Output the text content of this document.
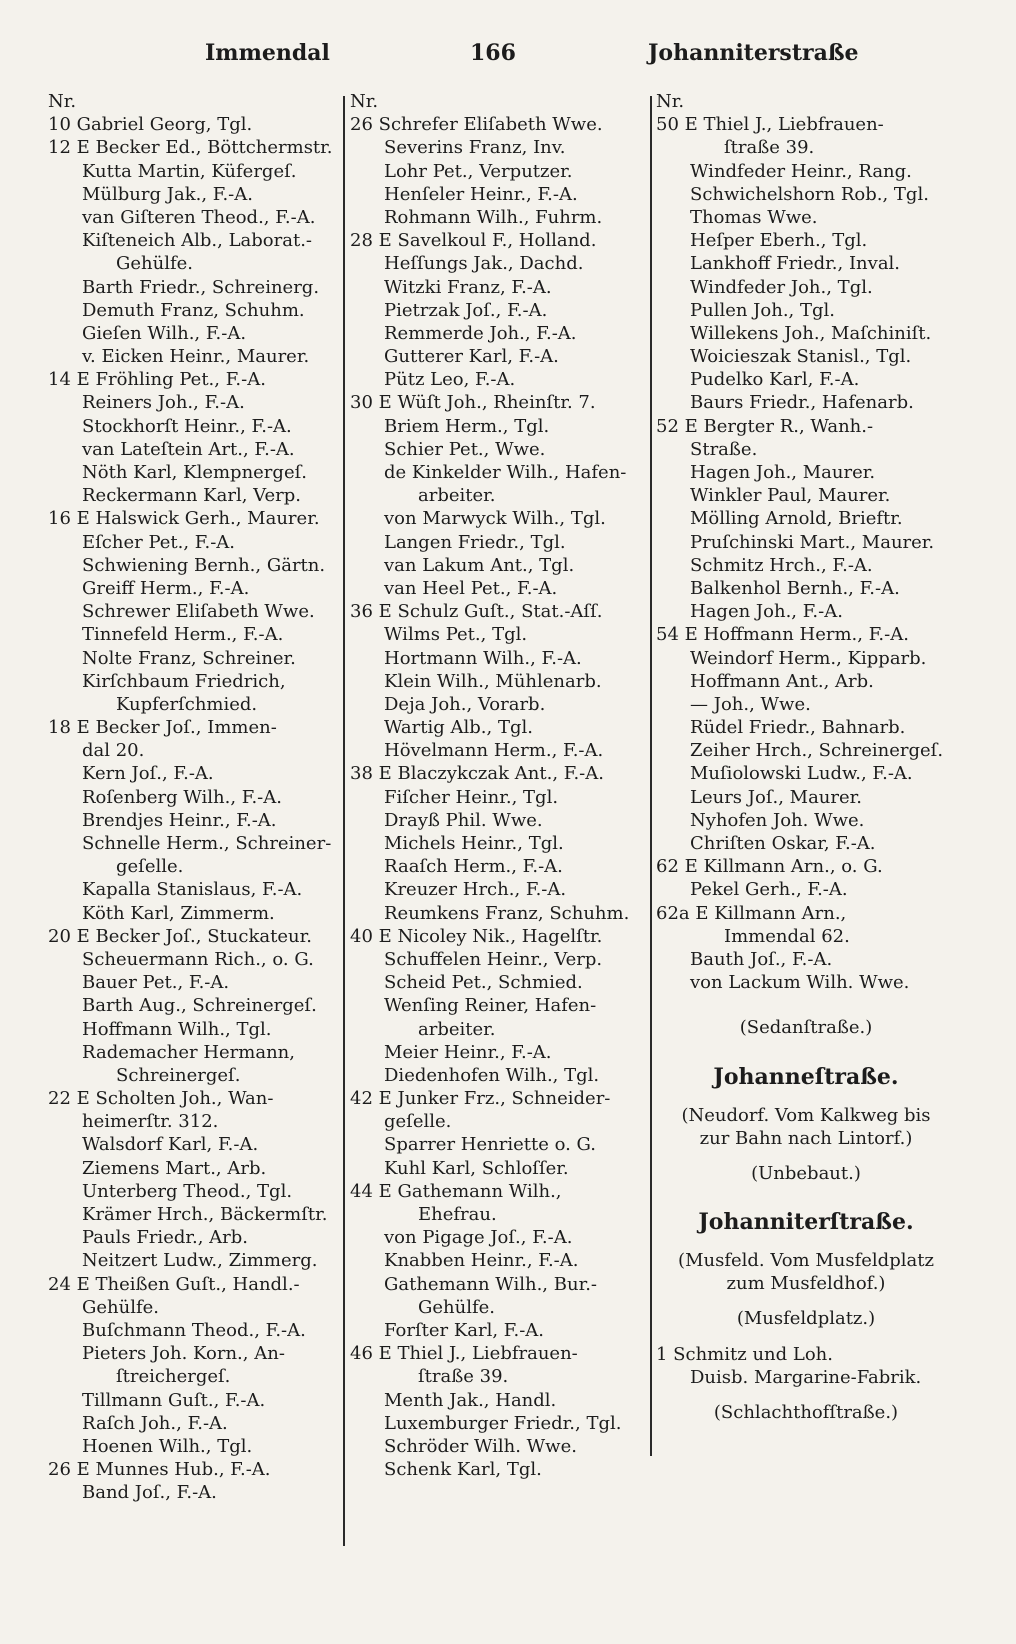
Immendal	166	Johanniterstraße
Nr.
10 Gabriel Georg, Tgl.
12 E Becker Ed., Böttchermstr.
Kutta Martin, Küfergeſ.
Mülburg Jak., F.-A.
van Giſteren Theod., F.-A.
Kiſteneich Alb., Laborat.-
Gehülfe.
Barth Friedr., Schreinerg.
Demuth Franz, Schuhm.
Gieſen Wilh., F.-A.
v. Eicken Heinr., Maurer.
14 E Fröhling Pet., F.-A.
Reiners Joh., F.-A.
Stockhorſt Heinr., F.-A.
van Lateſtein Art., F.-A.
Nöth Karl, Klempnergeſ.
Reckermann Karl, Verp.
16 E Halswick Gerh., Maurer.
Eſcher Pet., F.-A.
Schwiening Bernh., Gärtn.
Greiff Herm., F.-A.
Schrewer Eliſabeth Wwe.
Tinnefeld Herm., F.-A.
Nolte Franz, Schreiner.
Kirſchbaum Friedrich,
Kupferſchmied.
18 E Becker Joſ., Immen-
dal 20.
Kern Joſ., F.-A.
Roſenberg Wilh., F.-A.
Brendjes Heinr., F.-A.
Schnelle Herm., Schreiner-
geſelle.
Kapalla Stanislaus, F.-A.
Köth Karl, Zimmerm.
20 E Becker Joſ., Stuckateur.
Scheuermann Rich., o. G.
Bauer Pet., F.-A.
Barth Aug., Schreinergeſ.
Hoffmann Wilh., Tgl.
Rademacher Hermann,
Schreinergeſ.
22 E Scholten Joh., Wan-
heimerſtr. 312.
Walsdorf Karl, F.-A.
Ziemens Mart., Arb.
Unterberg Theod., Tgl.
Krämer Hrch., Bäckermſtr.
Pauls Friedr., Arb.
Neitzert Ludw., Zimmerg.
24 E Theißen Guſt., Handl.-
Gehülfe.
Buſchmann Theod., F.-A.
Pieters Joh. Korn., An-
ſtreichergeſ.
Tillmann Guſt., F.-A.
Raſch Joh., F.-A.
Hoenen Wilh., Tgl.
26 E Munnes Hub., F.-A.
Band Joſ., F.-A.
Nr.
26 Schrefer Eliſabeth Wwe.
Severins Franz, Inv.
Lohr Pet., Verputzer.
Henſeler Heinr., F.-A.
Rohmann Wilh., Fuhrm.
28 E Savelkoul F., Holland.
Heſſungs Jak., Dachd.
Witzki Franz, F.-A.
Pietrzak Joſ., F.-A.
Remmerde Joh., F.-A.
Gutterer Karl, F.-A.
Pütz Leo, F.-A.
30 E Wüſt Joh., Rheinſtr. 7.
Briem Herm., Tgl.
Schier Pet., Wwe.
de Kinkelder Wilh., Hafen-
arbeiter.
von Marwyck Wilh., Tgl.
Langen Friedr., Tgl.
van Lakum Ant., Tgl.
van Heel Pet., F.-A.
36 E Schulz Guſt., Stat.-Aſſ.
Wilms Pet., Tgl.
Hortmann Wilh., F.-A.
Klein Wilh., Mühlenarb.
Deja Joh., Vorarb.
Wartig Alb., Tgl.
Hövelmann Herm., F.-A.
38 E Blaczykczak Ant., F.-A.
Fiſcher Heinr., Tgl.
Drayß Phil. Wwe.
Michels Heinr., Tgl.
Raaſch Herm., F.-A.
Kreuzer Hrch., F.-A.
Reumkens Franz, Schuhm.
40 E Nicoley Nik., Hagelſtr.
Schuffelen Heinr., Verp.
Scheid Pet., Schmied.
Wenſing Reiner, Hafen-
arbeiter.
Meier Heinr., F.-A.
Diedenhofen Wilh., Tgl.
42 E Junker Frz., Schneider-
geſelle.
Sparrer Henriette o. G.
Kuhl Karl, Schloſſer.
44 E Gathemann Wilh.,
Ehefrau.
von Pigage Joſ., F.-A.
Knabben Heinr., F.-A.
Gathemann Wilh., Bur.-
Gehülfe.
Forſter Karl, F.-A.
46 E Thiel J., Liebfrauen-
ſtraße 39.
Menth Jak., Handl.
Luxemburger Friedr., Tgl.
Schröder Wilh. Wwe.
Schenk Karl, Tgl.
Nr.
50 E Thiel J., Liebfrauen-
ſtraße 39.
Windfeder Heinr., Rang.
Schwichelshorn Rob., Tgl.
Thomas Wwe.
Heſper Eberh., Tgl.
Lankhoff Friedr., Inval.
Windfeder Joh., Tgl.
Pullen Joh., Tgl.
Willekens Joh., Maſchiniſt.
Woicieszak Stanisl., Tgl.
Pudelko Karl, F.-A.
Baurs Friedr., Hafenarb.
52 E Bergter R., Wanh.-
Straße.
Hagen Joh., Maurer.
Winkler Paul, Maurer.
Mölling Arnold, Brieftr.
Pruſchinski Mart., Maurer.
Schmitz Hrch., F.-A.
Balkenhol Bernh., F.-A.
Hagen Joh., F.-A.
54 E Hoffmann Herm., F.-A.
Weindorf Herm., Kipparb.
Hoffmann Ant., Arb.
— Joh., Wwe.
Rüdel Friedr., Bahnarb.
Zeiher Hrch., Schreinergeſ.
Muſiolowski Ludw., F.-A.
Leurs Joſ., Maurer.
Nyhofen Joh. Wwe.
Chriſten Oskar, F.-A.
62 E Killmann Arn., o. G.
Pekel Gerh., F.-A.
62a E Killmann Arn.,
Immendal 62.
Bauth Joſ., F.-A.
von Lackum Wilh. Wwe.
(Sedanſtraße.)
Johanneſtraße.
(Neudorf. Vom Kalkweg bis
zur Bahn nach Lintorf.)
(Unbebaut.)
Johanniterſtraße.
(Musfeld. Vom Musfeldplatz
zum Musfeldhof.)
(Musfeldplatz.)
1 Schmitz und Loh.
Duisb. Margarine-Fabrik.
(Schlachthofſtraße.)
